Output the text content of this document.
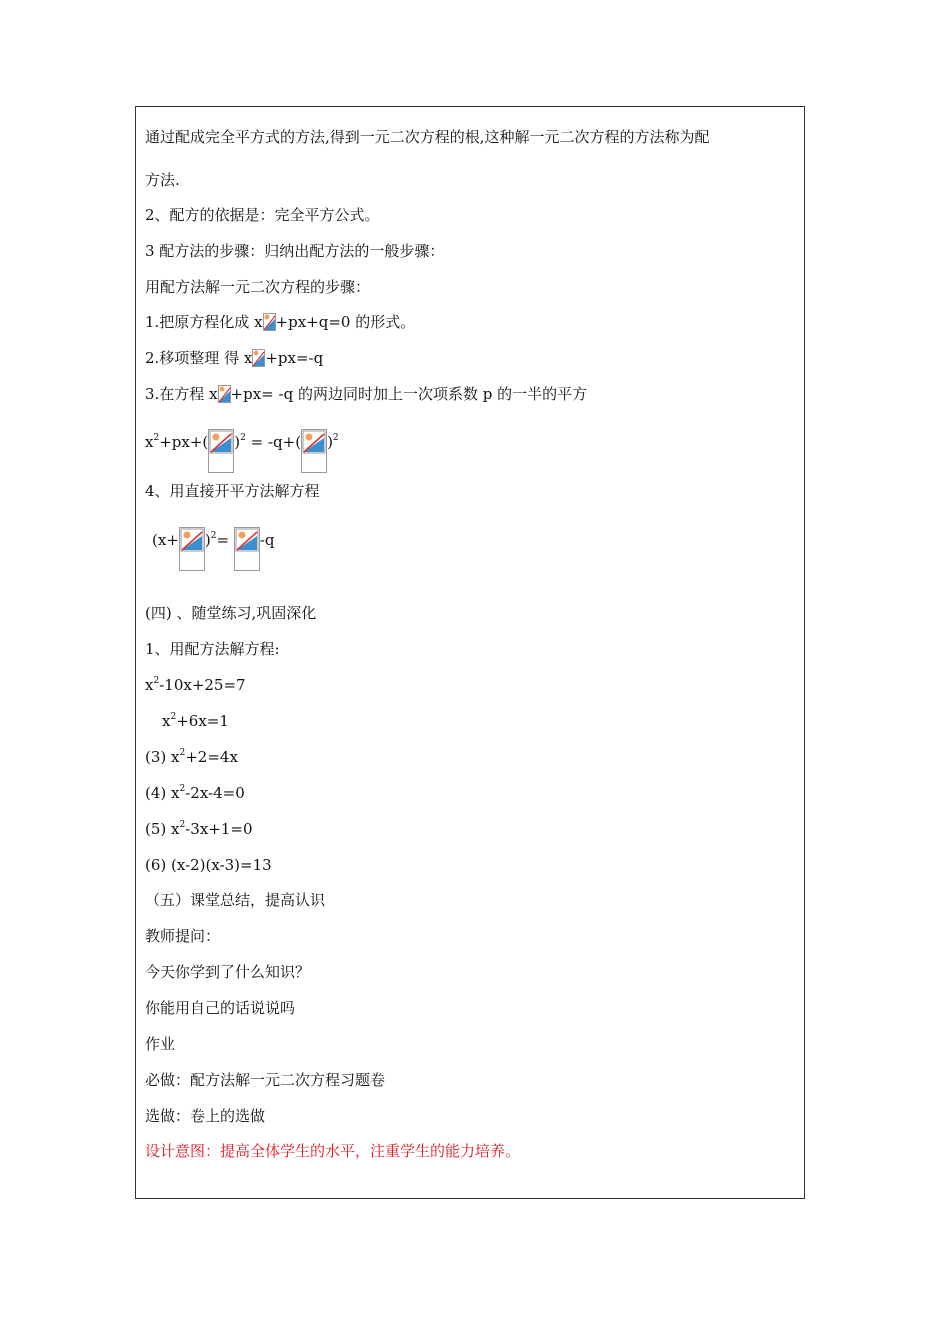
通过配成完全平方式的方法,得到一元二次方程的根,这种解一元二次方程的方法称为配
方法.
2、配方的依据是：完全平方公式。
3 配方法的步骤：归纳出配方法的一般步骤：
用配方法解一元二次方程的步骤：
1.把原方程化成 x +px+q=0 的形式。
2.移项整理 得 x +px=-q
3.在方程 x +px= -q 的两边同时加上一次项系数 p 的一半的平方
$x^2+px+$( )$^2$ = -q+( )$^2$
4、用直接开平方法解方程
$(x+ )^2=$
-q
(四) 、随堂练习,巩固深化
1、用配方法解方程:
$x^2-10x+25=7$
$x^2+6x=1$
(3) $x^2+2=4x$
(4) $x^2-2x-4=0$
(5) $x^2-3x+1=0$
(6) (x-2)(x-3)=13
（五）课堂总结，提高认识
教师提问：
今天你学到了什么知识？
你能用自己的话说说吗
作业
必做：配方法解一元二次方程习题卷
选做：卷上的选做
设计意图：提高全体学生的水平，注重学生的能力培养。
